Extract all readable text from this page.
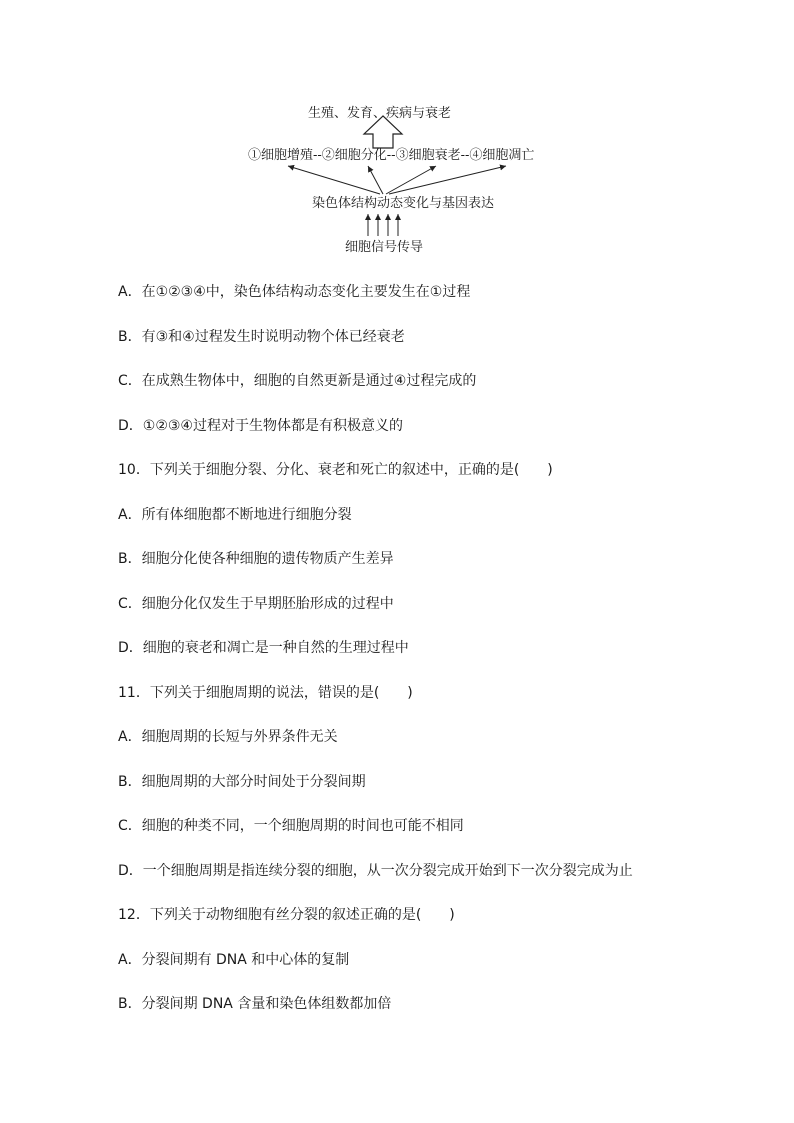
生殖、发育、疾病与衰老
①细胞增殖--②细胞分化--③细胞衰老--④细胞凋亡
染色体结构动态变化与基因表达
细胞信号传导
A．在①②③④中，染色体结构动态变化主要发生在①过程
B．有③和④过程发生时说明动物个体已经衰老
C．在成熟生物体中，细胞的自然更新是通过④过程完成的
D．①②③④过程对于生物体都是有积极意义的
10．下列关于细胞分裂、分化、衰老和死亡的叙述中，正确的是(　　)
A．所有体细胞都不断地进行细胞分裂
B．细胞分化使各种细胞的遗传物质产生差异
C．细胞分化仅发生于早期胚胎形成的过程中
D．细胞的衰老和凋亡是一种自然的生理过程中
11．下列关于细胞周期的说法，错误的是(　　)
A．细胞周期的长短与外界条件无关
B．细胞周期的大部分时间处于分裂间期
C．细胞的种类不同，一个细胞周期的时间也可能不相同
D．一个细胞周期是指连续分裂的细胞，从一次分裂完成开始到下一次分裂完成为止
12．下列关于动物细胞有丝分裂的叙述正确的是(　　)
A．分裂间期有 DNA 和中心体的复制
B．分裂间期 DNA 含量和染色体组数都加倍
